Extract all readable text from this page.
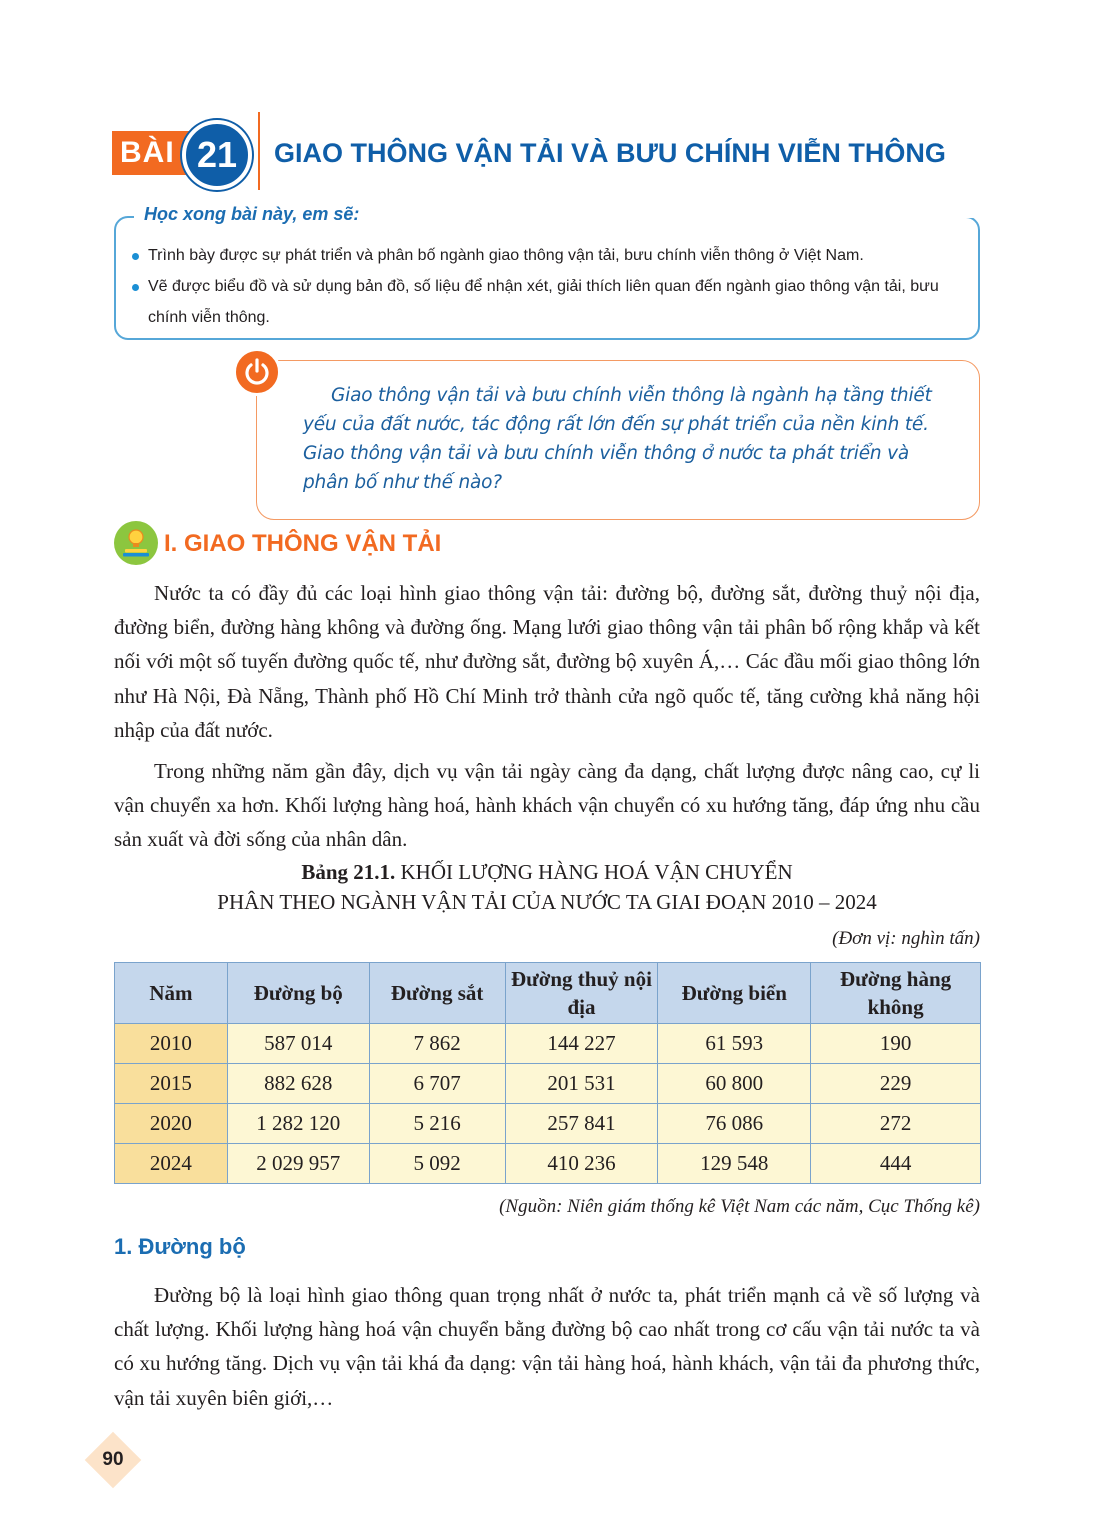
BÀI 21	GIAO THÔNG VẬN TẢI VÀ BƯU CHÍNH VIỄN THÔNG
Học xong bài này, em sẽ:
Trình bày được sự phát triển và phân bố ngành giao thông vận tải, bưu chính viễn thông ở Việt Nam.
Vẽ được biểu đồ và sử dụng bản đồ, số liệu để nhận xét, giải thích liên quan đến ngành giao thông vận tải, bưu chính viễn thông.

Giao thông vận tải và bưu chính viễn thông là ngành hạ tầng thiết yếu của đất nước, tác động rất lớn đến sự phát triển của nền kinh tế. Giao thông vận tải và bưu chính viễn thông ở nước ta phát triển và phân bố như thế nào?

I. GIAO THÔNG VẬN TẢI

Nước ta có đầy đủ các loại hình giao thông vận tải: đường bộ, đường sắt, đường thuỷ nội địa, đường biển, đường hàng không và đường ống. Mạng lưới giao thông vận tải phân bố rộng khắp và kết nối với một số tuyến đường quốc tế, như đường sắt, đường bộ xuyên Á,… Các đầu mối giao thông lớn như Hà Nội, Đà Nẵng, Thành phố Hồ Chí Minh trở thành cửa ngõ quốc tế, tăng cường khả năng hội nhập của đất nước.

Trong những năm gần đây, dịch vụ vận tải ngày càng đa dạng, chất lượng được nâng cao, cự li vận chuyển xa hơn. Khối lượng hàng hoá, hành khách vận chuyển có xu hướng tăng, đáp ứng nhu cầu sản xuất và đời sống của nhân dân.

Bảng 21.1. KHỐI LƯỢNG HÀNG HOÁ VẬN CHUYỂN
PHÂN THEO NGÀNH VẬN TẢI CỦA NƯỚC TA GIAI ĐOẠN 2010 – 2024
(Đơn vị: nghìn tấn)
Năm	Đường bộ	Đường sắt	Đường thuỷ nội địa	Đường biển	Đường hàng không
2010	587 014	7 862	144 227	61 593	190
2015	882 628	6 707	201 531	60 800	229
2020	1 282 120	5 216	257 841	76 086	272
2024	2 029 957	5 092	410 236	129 548	444
(Nguồn: Niên giám thống kê Việt Nam các năm, Cục Thống kê)
1. Đường bộ

Đường bộ là loại hình giao thông quan trọng nhất ở nước ta, phát triển mạnh cả về số lượng và chất lượng. Khối lượng hàng hoá vận chuyển bằng đường bộ cao nhất trong cơ cấu vận tải nước ta và có xu hướng tăng. Dịch vụ vận tải khá đa dạng: vận tải hàng hoá, hành khách, vận tải đa phương thức, vận tải xuyên biên giới,…

90
